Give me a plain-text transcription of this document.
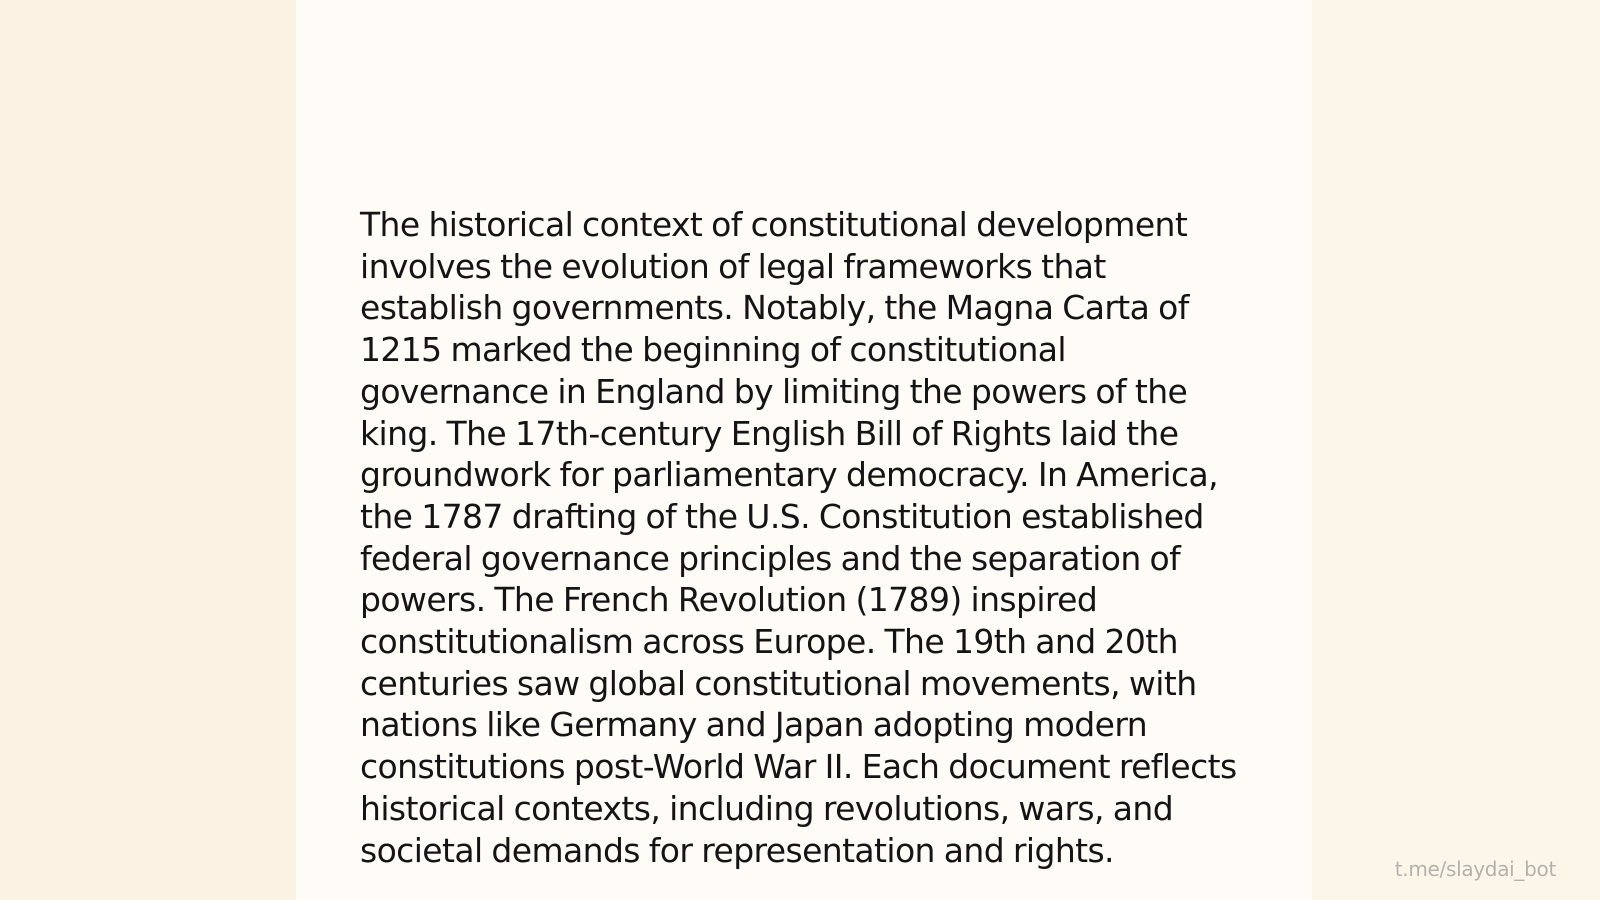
The historical context of constitutional development involves the evolution of legal frameworks that establish governments. Notably, the Magna Carta of 1215 marked the beginning of constitutional governance in England by limiting the powers of the king. The 17th-century English Bill of Rights laid the groundwork for parliamentary democracy. In America, the 1787 drafting of the U.S. Constitution established federal governance principles and the separation of powers. The French Revolution (1789) inspired constitutionalism across Europe. The 19th and 20th centuries saw global constitutional movements, with nations like Germany and Japan adopting modern constitutions post-World War II. Each document reflects historical contexts, including revolutions, wars, and societal demands for representation and rights.	t.me/slaydai_bot
